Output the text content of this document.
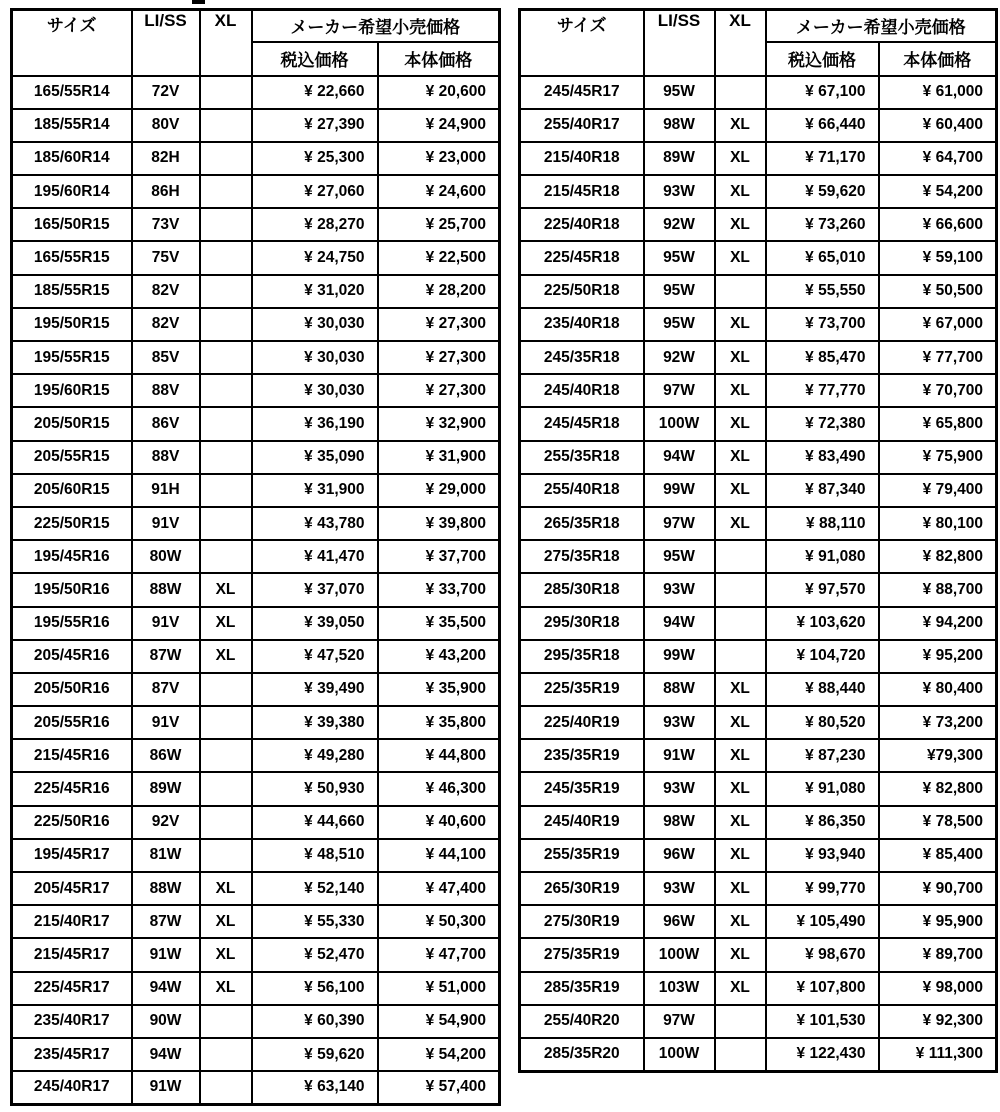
サイズ	LI/SS	XL	メーカー希望小売価格	
			税込価格	本体価格
165/55R14	72V		¥ 22,660	¥ 20,600
185/55R14	80V		¥ 27,390	¥ 24,900
185/60R14	82H		¥ 25,300	¥ 23,000
195/60R14	86H		¥ 27,060	¥ 24,600
165/50R15	73V		¥ 28,270	¥ 25,700
165/55R15	75V		¥ 24,750	¥ 22,500
185/55R15	82V		¥ 31,020	¥ 28,200
195/50R15	82V		¥ 30,030	¥ 27,300
195/55R15	85V		¥ 30,030	¥ 27,300
195/60R15	88V		¥ 30,030	¥ 27,300
205/50R15	86V		¥ 36,190	¥ 32,900
205/55R15	88V		¥ 35,090	¥ 31,900
205/60R15	91H		¥ 31,900	¥ 29,000
225/50R15	91V		¥ 43,780	¥ 39,800
195/45R16	80W		¥ 41,470	¥ 37,700
195/50R16	88W	XL	¥ 37,070	¥ 33,700
195/55R16	91V	XL	¥ 39,050	¥ 35,500
205/45R16	87W	XL	¥ 47,520	¥ 43,200
205/50R16	87V		¥ 39,490	¥ 35,900
205/55R16	91V		¥ 39,380	¥ 35,800
215/45R16	86W		¥ 49,280	¥ 44,800
225/45R16	89W		¥ 50,930	¥ 46,300
225/50R16	92V		¥ 44,660	¥ 40,600
195/45R17	81W		¥ 48,510	¥ 44,100
205/45R17	88W	XL	¥ 52,140	¥ 47,400
215/40R17	87W	XL	¥ 55,330	¥ 50,300
215/45R17	91W	XL	¥ 52,470	¥ 47,700
225/45R17	94W	XL	¥ 56,100	¥ 51,000
235/40R17	90W		¥ 60,390	¥ 54,900
235/45R17	94W		¥ 59,620	¥ 54,200
245/40R17	91W		¥ 63,140	¥ 57,400
サイズ	LI/SS	XL	メーカー希望小売価格	
			税込価格	本体価格
245/45R17	95W		¥ 67,100	¥ 61,000
255/40R17	98W	XL	¥ 66,440	¥ 60,400
215/40R18	89W	XL	¥ 71,170	¥ 64,700
215/45R18	93W	XL	¥ 59,620	¥ 54,200
225/40R18	92W	XL	¥ 73,260	¥ 66,600
225/45R18	95W	XL	¥ 65,010	¥ 59,100
225/50R18	95W		¥ 55,550	¥ 50,500
235/40R18	95W	XL	¥ 73,700	¥ 67,000
245/35R18	92W	XL	¥ 85,470	¥ 77,700
245/40R18	97W	XL	¥ 77,770	¥ 70,700
245/45R18	100W	XL	¥ 72,380	¥ 65,800
255/35R18	94W	XL	¥ 83,490	¥ 75,900
255/40R18	99W	XL	¥ 87,340	¥ 79,400
265/35R18	97W	XL	¥ 88,110	¥ 80,100
275/35R18	95W		¥ 91,080	¥ 82,800
285/30R18	93W		¥ 97,570	¥ 88,700
295/30R18	94W		¥ 103,620	¥ 94,200
295/35R18	99W		¥ 104,720	¥ 95,200
225/35R19	88W	XL	¥ 88,440	¥ 80,400
225/40R19	93W	XL	¥ 80,520	¥ 73,200
235/35R19	91W	XL	¥ 87,230	¥79,300
245/35R19	93W	XL	¥ 91,080	¥ 82,800
245/40R19	98W	XL	¥ 86,350	¥ 78,500
255/35R19	96W	XL	¥ 93,940	¥ 85,400
265/30R19	93W	XL	¥ 99,770	¥ 90,700
275/30R19	96W	XL	¥ 105,490	¥ 95,900
275/35R19	100W	XL	¥ 98,670	¥ 89,700
285/35R19	103W	XL	¥ 107,800	¥ 98,000
255/40R20	97W		¥ 101,530	¥ 92,300
285/35R20	100W		¥ 122,430	¥ 111,300
